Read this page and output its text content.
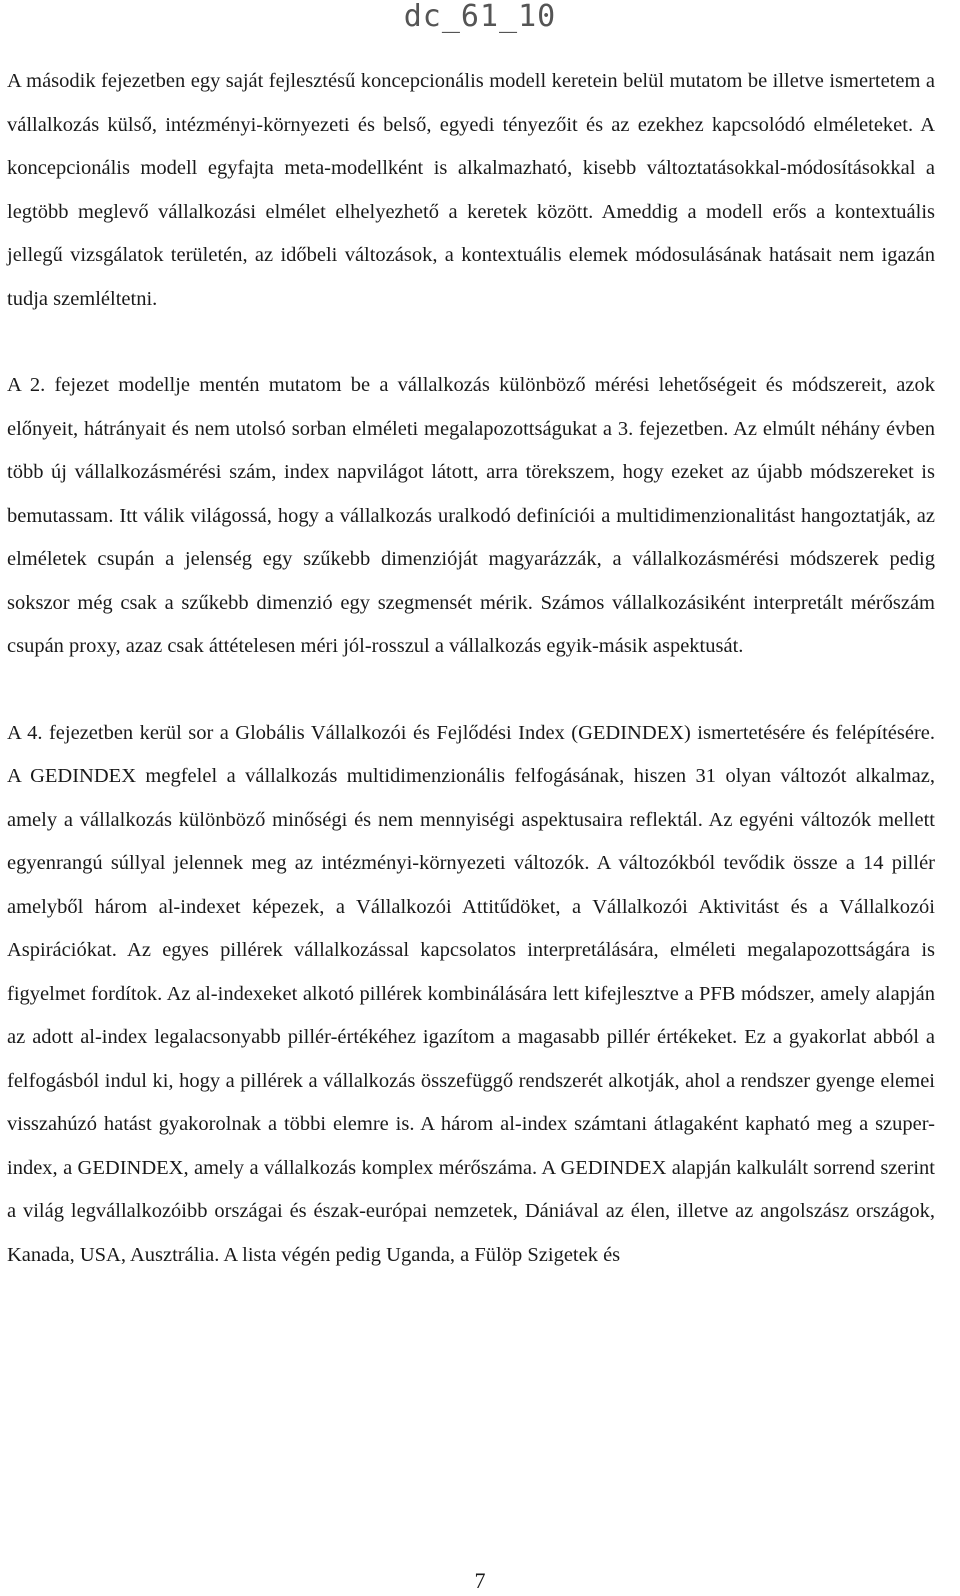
dc_61_10

A második fejezetben egy saját fejlesztésű koncepcionális modell keretein belül mutatom be illetve ismertetem a vállalkozás külső, intézményi-környezeti és belső, egyedi tényezőit és az ezekhez kapcsolódó elméleteket. A koncepcionális modell egyfajta meta-modellként is alkalmazható, kisebb változtatásokkal-módosításokkal a legtöbb meglevő vállalkozási elmélet elhelyezhető a keretek között. Ameddig a modell erős a kontextuális jellegű vizsgálatok területén, az időbeli változások, a kontextuális elemek módosulásának hatásait nem igazán tudja szemléltetni.

A 2. fejezet modellje mentén mutatom be a vállalkozás különböző mérési lehetőségeit és módszereit, azok előnyeit, hátrányait és nem utolsó sorban elméleti megalapozottságukat a 3. fejezetben. Az elmúlt néhány évben több új vállalkozásmérési szám, index napvilágot látott, arra törekszem, hogy ezeket az újabb módszereket is bemutassam. Itt válik világossá, hogy a vállalkozás uralkodó definíciói a multidimenzionalitást hangoztatják, az elméletek csupán a jelenség egy szűkebb dimenzióját magyarázzák, a vállalkozásmérési módszerek pedig sokszor még csak a szűkebb dimenzió egy szegmensét mérik. Számos vállalkozásiként interpretált mérőszám csupán proxy, azaz csak áttételesen méri jól-rosszul a vállalkozás egyik-másik aspektusát.

A 4. fejezetben kerül sor a Globális Vállalkozói és Fejlődési Index (GEDINDEX) ismertetésére és felépítésére. A GEDINDEX megfelel a vállalkozás multidimenzionális felfogásának, hiszen 31 olyan változót alkalmaz, amely a vállalkozás különböző minőségi és nem mennyiségi aspektusaira reflektál. Az egyéni változók mellett egyenrangú súllyal jelennek meg az intézményi-környezeti változók. A változókból tevődik össze a 14 pillér amelyből három al-indexet képezek, a Vállalkozói Attitűdöket, a Vállalkozói Aktivitást és a Vállalkozói Aspirációkat. Az egyes pillérek vállalkozással kapcsolatos interpretálására, elméleti megalapozottságára is figyelmet fordítok. Az al-indexeket alkotó pillérek kombinálására lett kifejlesztve a PFB módszer, amely alapján az adott al-index legalacsonyabb pillér-értékéhez igazítom a magasabb pillér értékeket. Ez a gyakorlat abból a felfogásból indul ki, hogy a pillérek a vállalkozás összefüggő rendszerét alkotják, ahol a rendszer gyenge elemei visszahúzó hatást gyakorolnak a többi elemre is. A három al-index számtani átlagaként kapható meg a szuper-index, a GEDINDEX, amely a vállalkozás komplex mérőszáma. A GEDINDEX alapján kalkulált sorrend szerint a világ legvállalkozóibb országai és észak-európai nemzetek, Dániával az élen, illetve az angolszász országok, Kanada, USA, Ausztrália. A lista végén pedig Uganda, a Fülöp Szigetek és

7
